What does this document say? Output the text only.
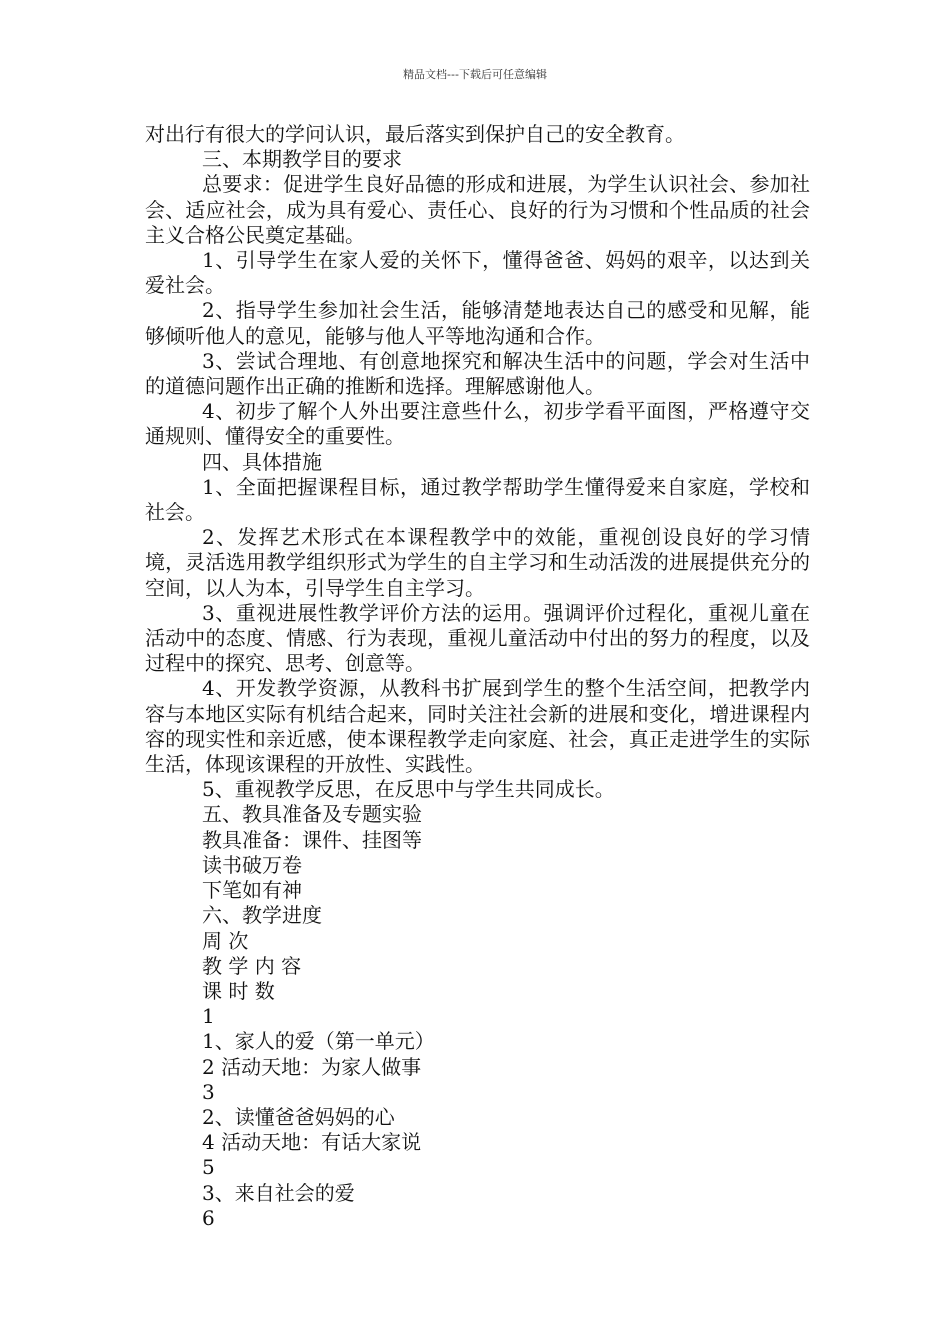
精品文档---下载后可任意编辑

对出行有很大的学问认识，最后落实到保护自己的安全教育。

三、本期教学目的要求

总要求：促进学生良好品德的形成和进展，为学生认识社会、参加社会、适应社会，成为具有爱心、责任心、良好的行为习惯和个性品质的社会主义合格公民奠定基础。

1、引导学生在家人爱的关怀下，懂得爸爸、妈妈的艰辛，以达到关爱社会。

2、指导学生参加社会生活，能够清楚地表达自己的感受和见解，能够倾听他人的意见，能够与他人平等地沟通和合作。

3、尝试合理地、有创意地探究和解决生活中的问题，学会对生活中的道德问题作出正确的推断和选择。理解感谢他人。

4、初步了解个人外出要注意些什么，初步学看平面图，严格遵守交通规则、懂得安全的重要性。

四、具体措施

1、全面把握课程目标，通过教学帮助学生懂得爱来自家庭，学校和社会。

2、发挥艺术形式在本课程教学中的效能，重视创设良好的学习情境，灵活选用教学组织形式为学生的自主学习和生动活泼的进展提供充分的空间，以人为本，引导学生自主学习。

3、重视进展性教学评价方法的运用。强调评价过程化，重视儿童在活动中的态度、情感、行为表现，重视儿童活动中付出的努力的程度，以及过程中的探究、思考、创意等。

4、开发教学资源，从教科书扩展到学生的整个生活空间，把教学内容与本地区实际有机结合起来，同时关注社会新的进展和变化，增进课程内容的现实性和亲近感，使本课程教学走向家庭、社会，真正走进学生的实际生活，体现该课程的开放性、实践性。

5、重视教学反思，在反思中与学生共同成长。

五、教具准备及专题实验

教具准备：课件、挂图等

读书破万卷

下笔如有神

六、教学进度

周 次

教 学 内 容

课 时 数

1

1、家人的爱（第一单元）

2 活动天地：为家人做事

3

2、读懂爸爸妈妈的心

4 活动天地：有话大家说

5

3、来自社会的爱

6
